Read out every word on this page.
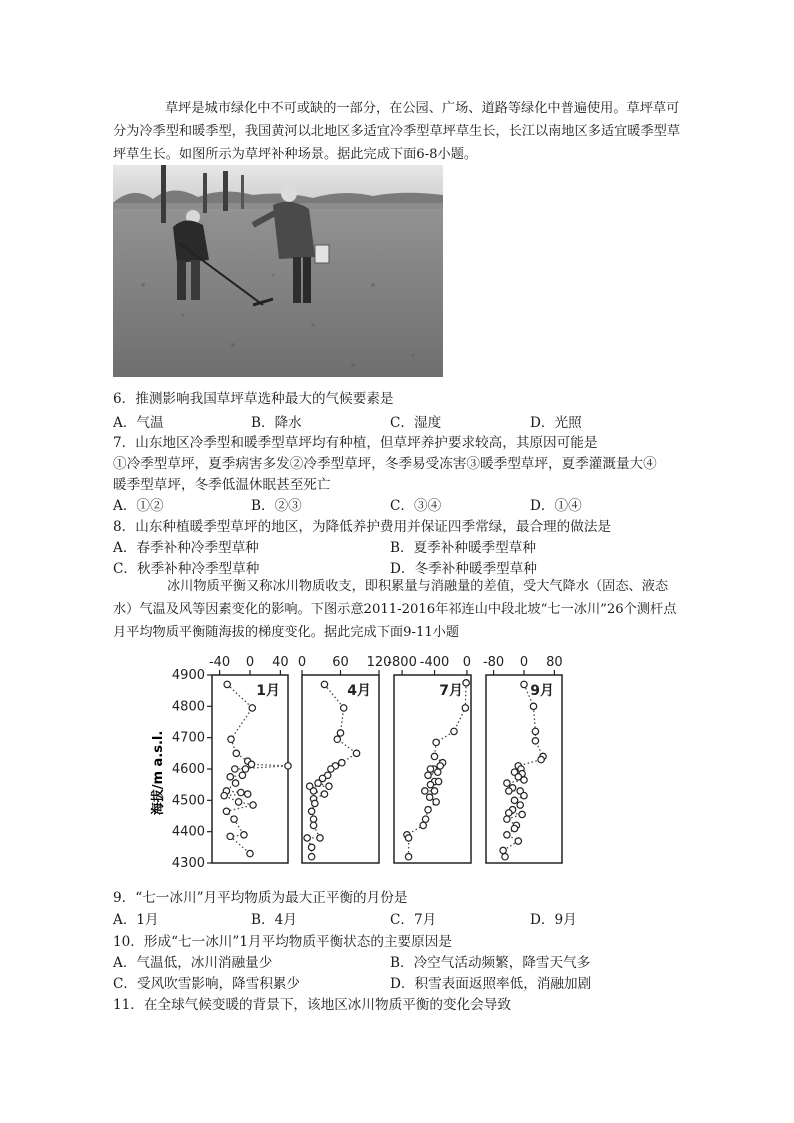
草坪是城市绿化中不可或缺的一部分，在公园、广场、道路等绿化中普遍使用。草坪草可分为冷季型和暖季型，我国黄河以北地区多适宜冷季型草坪草生长，长江以南地区多适宜暖季型草坪草生长。如图所示为草坪补种场景。据此完成下面6-8小题。
6．推测影响我国草坪草选种最大的气候要素是
A．气温	B．降水	C．湿度	D．光照
7．山东地区冷季型和暖季型草坪均有种植，但草坪养护要求较高，其原因可能是
①冷季型草坪，夏季病害多发②冷季型草坪，冬季易受冻害③暖季型草坪，夏季灌溉量大④
暖季型草坪，冬季低温休眠甚至死亡
A．①②	B．②③	C．③④	D．①④
8．山东种植暖季型草坪的地区，为降低养护费用并保证四季常绿，最合理的做法是
A．春季补种冷季型草种	B．夏季补种暖季型草种
C．秋季补种冷季型草种	D．冬季补种暖季型草种
冰川物质平衡又称冰川物质收支，即积累量与消融量的差值，受大气降水（固态、液态水）气温及风等因素变化的影响。下图示意2011-2016年祁连山中段北坡“七一冰川”26个测杆点月平均物质平衡随海拔的梯度变化。据此完成下面9-11小题
海拔/m a.s.l.
4900
4800
4700
4600
4500
4400
4300
-40 0 40
1月
0 60 120
4月
-800 -400 0
7月
-80 0 80
9月
9．“七一冰川”月平均物质为最大正平衡的月份是
A．1月	B．4月	C．7月	D．9月
10．形成“七一冰川”1月平均物质平衡状态的主要原因是
A．气温低，冰川消融量少	B．冷空气活动频繁，降雪天气多
C．受风吹雪影响，降雪积累少	D．积雪表面返照率低，消融加剧
11．在全球气候变暖的背景下，该地区冰川物质平衡的变化会导致
